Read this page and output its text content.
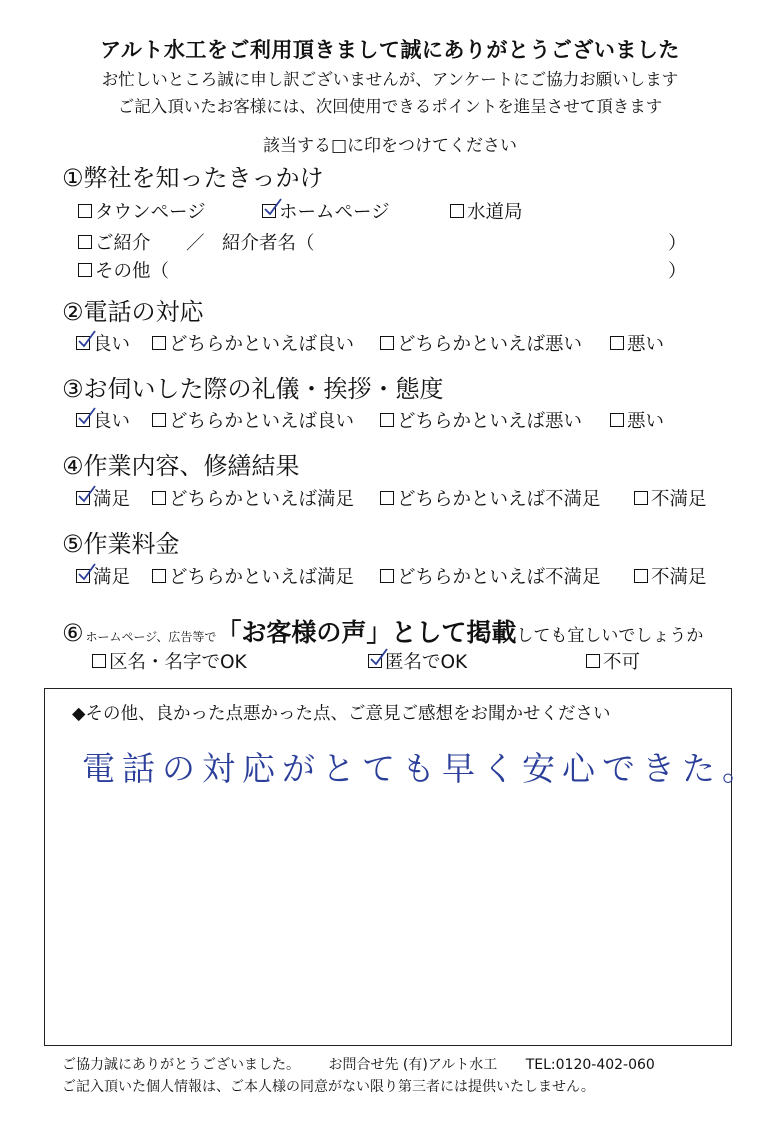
アルト水工をご利用頂きまして誠にありがとうございました
お忙しいところ誠に申し訳ございませんが、アンケートにご協力お願いします
ご記入頂いたお客様には、次回使用できるポイントを進呈させて頂きます
該当する□に印をつけてください
①弊社を知ったきっかけ
タウンページ	ホームページ	水道局
ご紹介 ／ 紹介者名（	）
その他（	）
②電話の対応
良い どちらかといえば良い どちらかといえば悪い 悪い
③お伺いした際の礼儀・挨拶・態度
良い どちらかといえば良い どちらかといえば悪い 悪い
④作業内容、修繕結果
満足 どちらかといえば満足 どちらかといえば不満足	不満足
⑤作業料金
満足 どちらかといえば満足 どちらかといえば不満足	不満足
⑥ ホームページ、広告等で 「お客様の声」 として掲載 しても宜しいでしょうか
区名・名字でOK	匿名でOK	不可
◆その他、良かった点悪かった点、ご意見ご感想をお聞かせください
電話の対応がとても早く安心できた。
ご協力誠にありがとうございました。 お問合せ先 (有)アルト水工 TEL:0120-402-060
ご記入頂いた個人情報は、ご本人様の同意がない限り第三者には提供いたしません。
